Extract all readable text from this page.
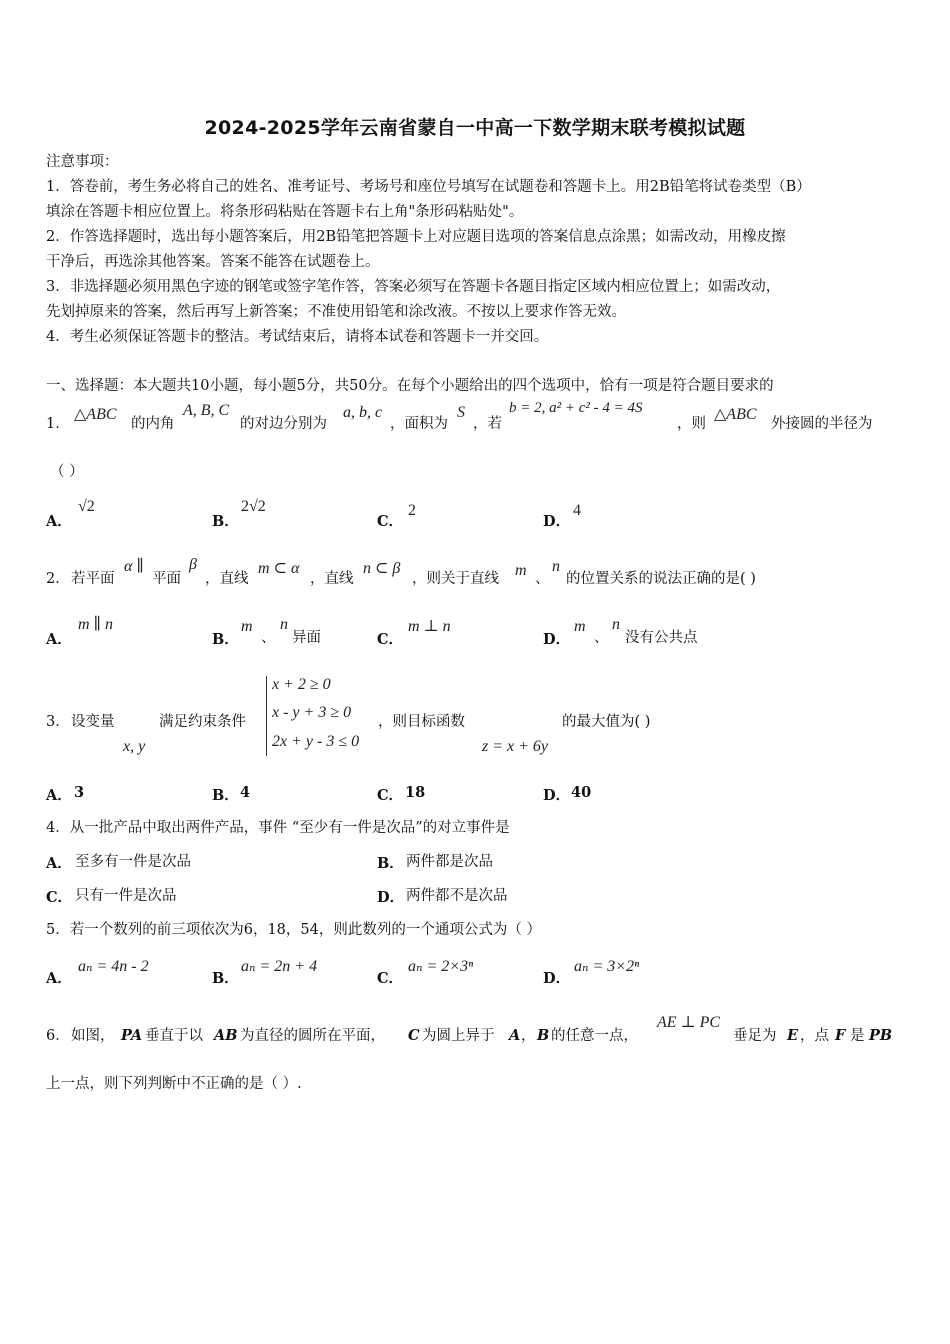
2024-2025学年云南省蒙自一中高一下数学期末联考模拟试题
注意事项：
1．答卷前，考生务必将自己的姓名、准考证号、考场号和座位号填写在试题卷和答题卡上。用2B铅笔将试卷类型（B）
填涂在答题卡相应位置上。将条形码粘贴在答题卡右上角"条形码粘贴处"。
2．作答选择题时，选出每小题答案后，用2B铅笔把答题卡上对应题目选项的答案信息点涂黑；如需改动，用橡皮擦
干净后，再选涂其他答案。答案不能答在试题卷上。
3．非选择题必须用黑色字迹的钢笔或签字笔作答，答案必须写在答题卡各题目指定区域内相应位置上；如需改动，
先划掉原来的答案，然后再写上新答案；不准使用铅笔和涂改液。不按以上要求作答无效。
4．考生必须保证答题卡的整洁。考试结束后，请将本试卷和答题卡一并交回。
一、选择题：本大题共10小题，每小题5分，共50分。在每个小题给出的四个选项中，恰有一项是符合题目要求的
1．
△ABC
的内角
A, B, C
的对边分别为
a, b, c
，面积为
S
，若
b = 2, a² + c² - 4 = 4S
，则
△ABC
外接圆的半径为
（ ）
A．
√2
B．
2√2
C．
2
D．
4
2． 若平面
α ∥
平面
β
，直线
m ⊂ α
，直线
n ⊂ β
，则关于直线 m 、
n
的位置关系的说法正确的是( )
A．
m ∥ n
B．
m
、
n
异面	C．
m ⊥ n
D．
m
、
n
没有公共点
3． 设变量
x, y
满足约束条件
x + 2 ≥ 0
x - y + 3 ≥ 0
2x + y - 3 ≤ 0
，则目标函数
z = x + 6y
的最大值为( )
A． 3	B． 4	C． 18	D． 40
4．从一批产品中取出两件产品，事件 “至少有一件是次品”的对立事件是
A． 至多有一件是次品	B． 两件都是次品
C． 只有一件是次品	D． 两件都不是次品
5．若一个数列的前三项依次为6，18，54，则此数列的一个通项公式为（ ）
A．
aₙ = 4n - 2
B．
aₙ = 2n + 4
C．
aₙ = 2×3ⁿ
D．
aₙ = 3×2ⁿ
6． 如图， PA 垂直于以 AB 为直径的圆所在平面， C 为圆上异于 A ， B 的任意一点，
AE ⊥ PC
垂足为 E ，点 F 是 PB
上一点，则下列判断中不正确的是（ ）.
